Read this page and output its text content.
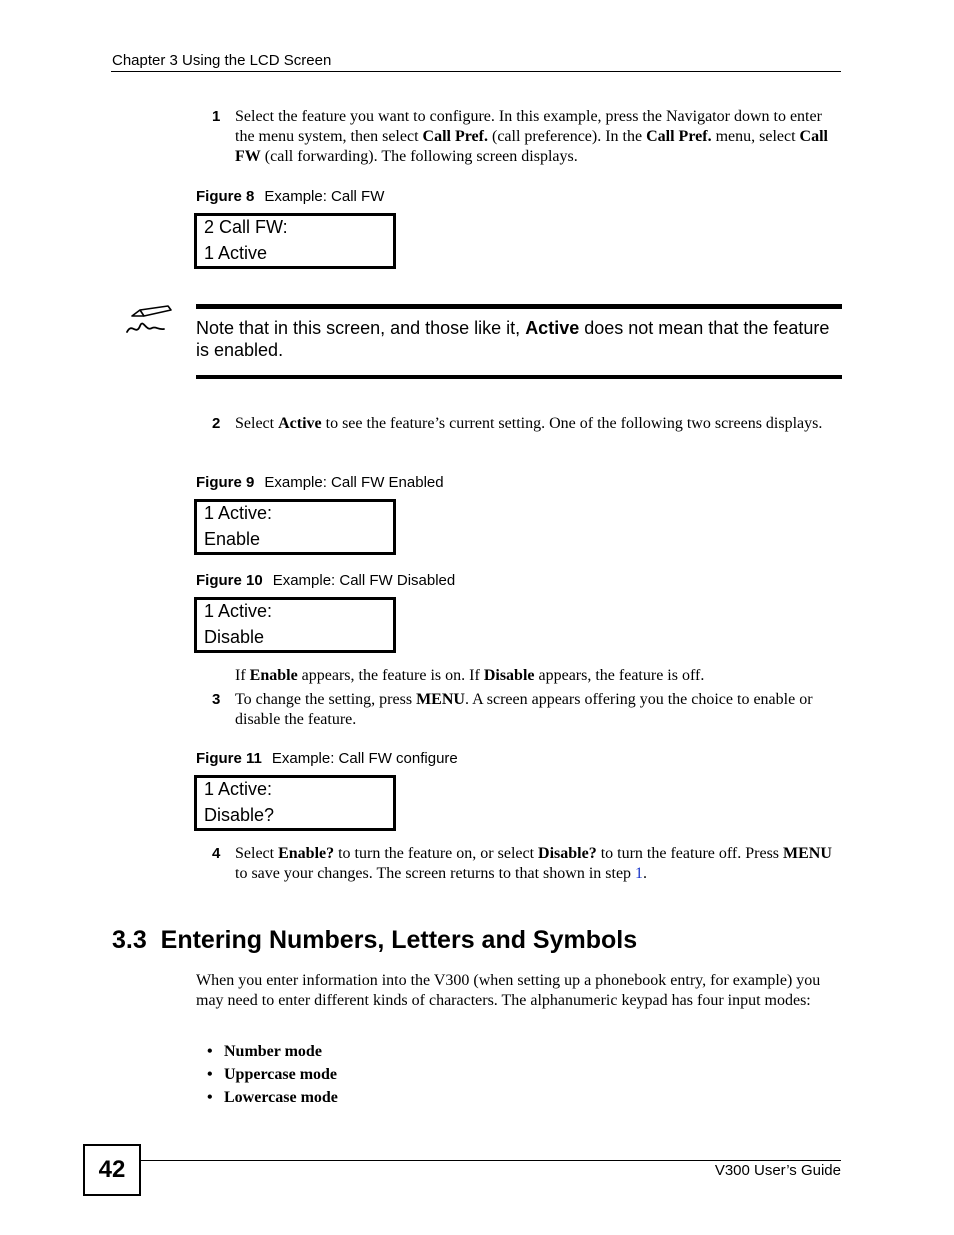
Chapter 3 Using the LCD Screen
1 Select the feature you want to configure. In this example, press the Navigator down to enter the menu system, then select Call Pref. (call preference). In the Call Pref. menu, select Call FW (call forwarding). The following screen displays.
Figure 8 Example: Call FW
2 Call FW:
1 Active
Note that in this screen, and those like it, Active does not mean that the feature is enabled.
2 Select Active to see the feature’s current setting. One of the following two screens displays.
Figure 9 Example: Call FW Enabled
1 Active:
Enable
Figure 10 Example: Call FW Disabled
1 Active:
Disable
If Enable appears, the feature is on. If Disable appears, the feature is off.
3 To change the setting, press MENU. A screen appears offering you the choice to enable or disable the feature.
Figure 11 Example: Call FW configure
1 Active:
Disable?
4 Select Enable? to turn the feature on, or select Disable? to turn the feature off. Press MENU to save your changes. The screen returns to that shown in step 1.
3.3  Entering Numbers, Letters and Symbols
When you enter information into the V300 (when setting up a phonebook entry, for example) you may need to enter different kinds of characters. The alphanumeric keypad has four input modes:
• Number mode
• Uppercase mode
• Lowercase mode
42	V300 User’s Guide
